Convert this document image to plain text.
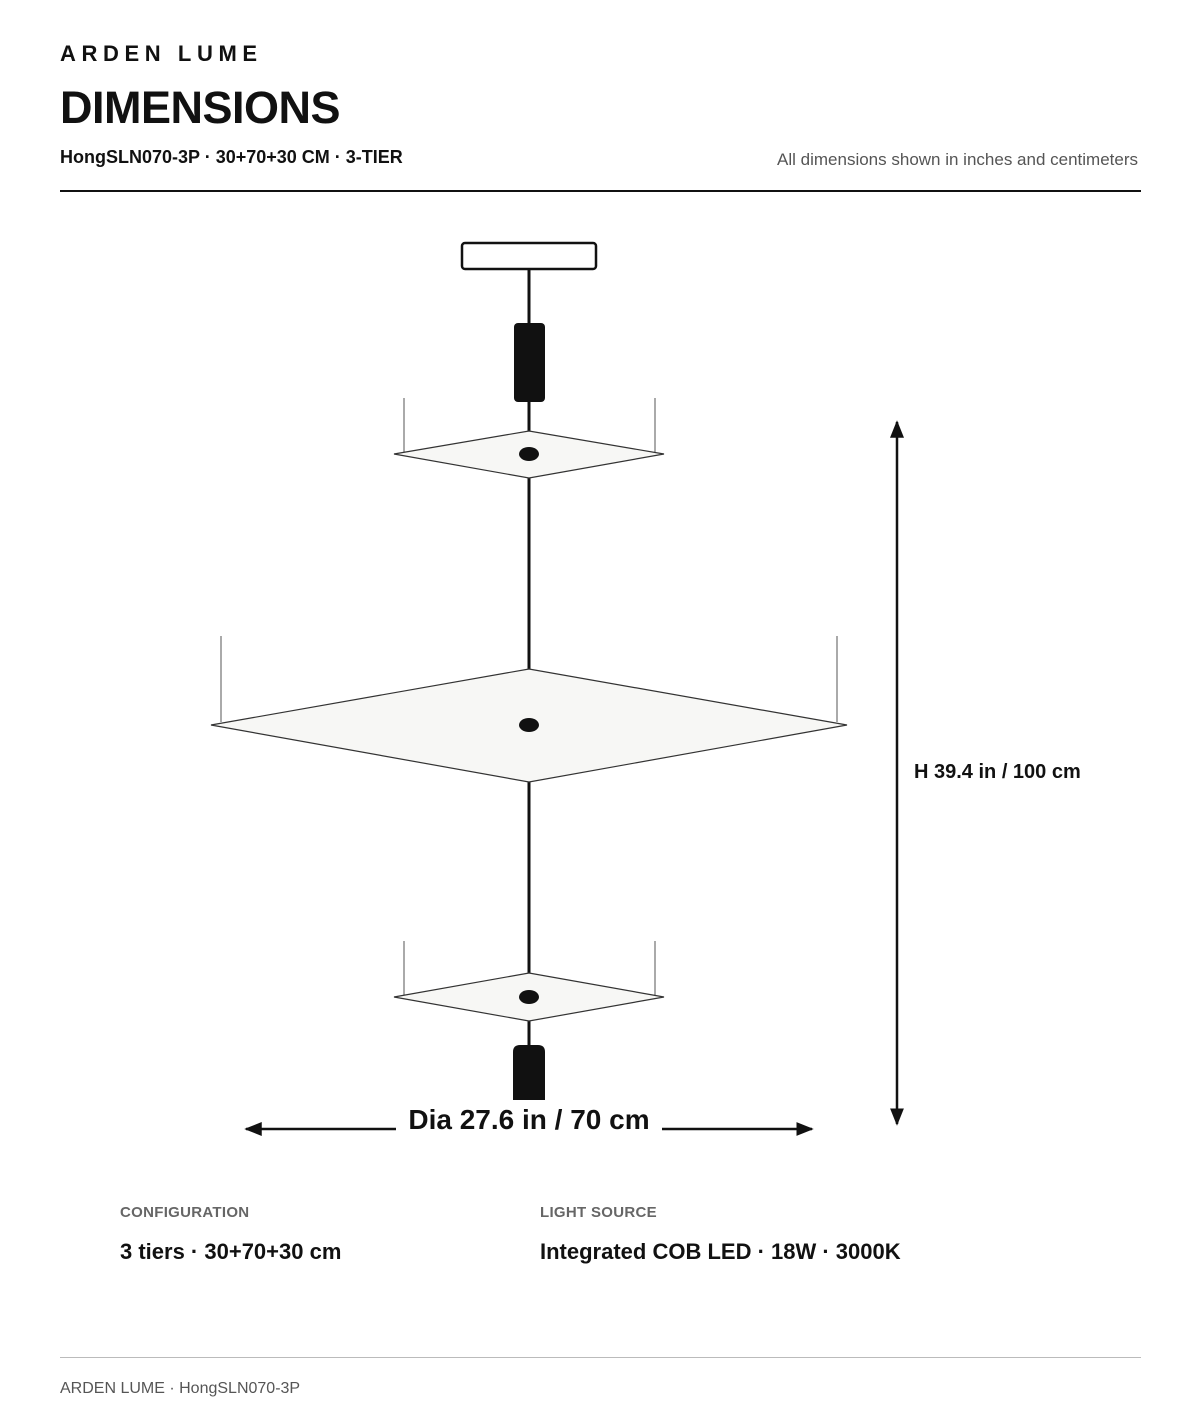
ARDEN LUME
DIMENSIONS
HongSLN070-3P · 30+70+30 CM · 3-TIER	All dimensions shown in inches and centimeters
H 39.4 in / 100 cm
Dia 27.6 in / 70 cm
CONFIGURATION
3 tiers · 30+70+30 cm
LIGHT SOURCE
Integrated COB LED · 18W · 3000K
ARDEN LUME · HongSLN070-3P
